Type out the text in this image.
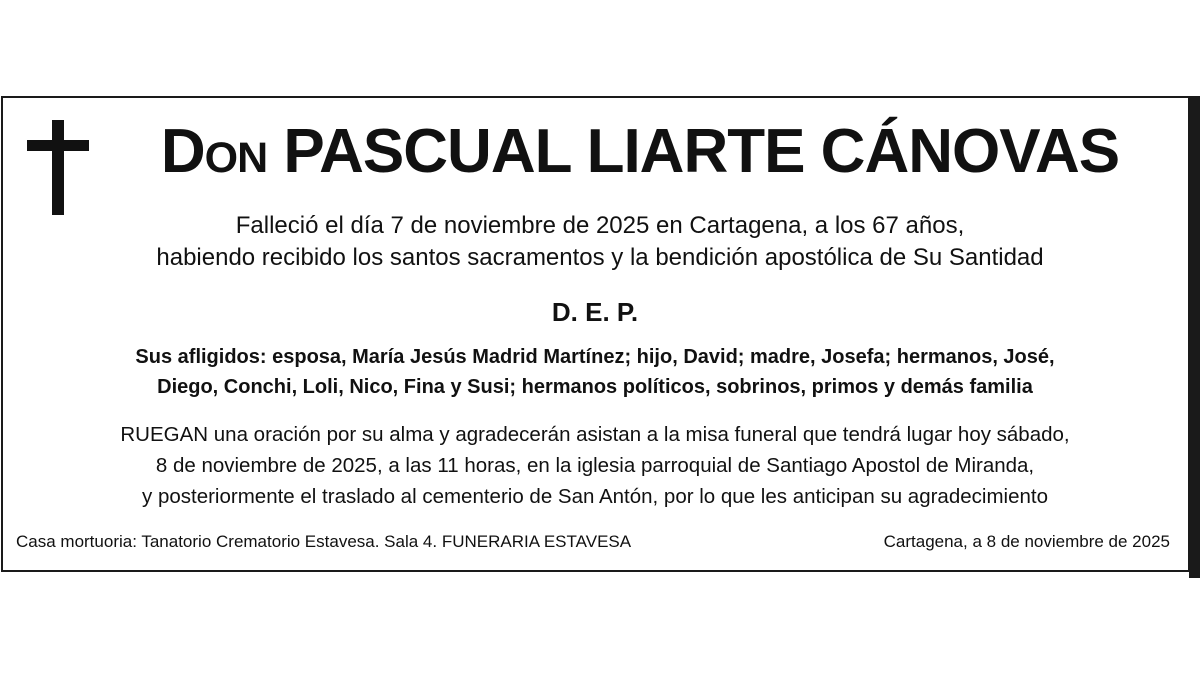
Don PASCUAL LIARTE CÁNOVAS
Falleció el día 7 de noviembre de 2025 en Cartagena, a los 67 años,
habiendo recibido los santos sacramentos y la bendición apostólica de Su Santidad
D. E. P.
Sus afligidos: esposa, María Jesús Madrid Martínez; hijo, David; madre, Josefa; hermanos, José,
Diego, Conchi, Loli, Nico, Fina y Susi; hermanos políticos, sobrinos, primos y demás familia
RUEGAN una oración por su alma y agradecerán asistan a la misa funeral que tendrá lugar hoy sábado,
8 de noviembre de 2025, a las 11 horas, en la iglesia parroquial de Santiago Apostol de Miranda,
y posteriormente el traslado al cementerio de San Antón, por lo que les anticipan su agradecimiento
Casa mortuoria: Tanatorio Crematorio Estavesa. Sala 4. FUNERARIA ESTAVESA	Cartagena, a 8 de noviembre de 2025
